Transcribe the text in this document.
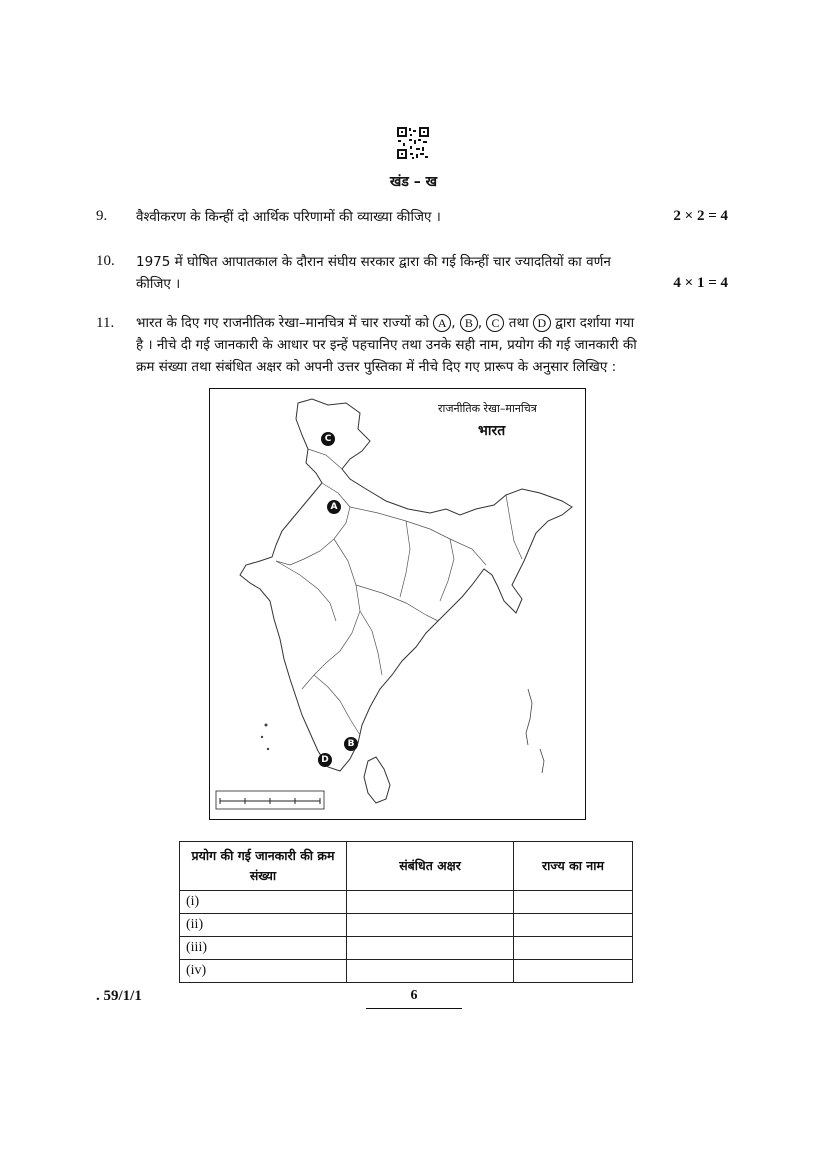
खंड – ख
9. वैश्वीकरण के किन्हीं दो आर्थिक परिणामों की व्याख्या कीजिए ।	2 × 2 = 4
10. 1975 में घोषित आपातकाल के दौरान संघीय सरकार द्वारा की गई किन्हीं चार ज्यादतियों का वर्णन
कीजिए ।	4 × 1 = 4
11. भारत के दिए गए राजनीतिक रेखा–मानचित्र में चार राज्यों को A , B , C तथा D द्वारा दर्शाया गया
है । नीचे दी गई जानकारी के आधार पर इन्हें पहचानिए तथा उनके सही नाम, प्रयोग की गई जानकारी की
क्रम संख्या तथा संबंधित अक्षर को अपनी उत्तर पुस्तिका में नीचे दिए गए प्रारूप के अनुसार लिखिए :
राजनीतिक रेखा–मानचित्र
भारत
C
A
B
D
प्रयोग की गई जानकारी की क्रम संख्या	संबंधित अक्षर	राज्य का नाम
(i)		
(ii)		
(iii)		
(iv)		
. 59/1/1	6
